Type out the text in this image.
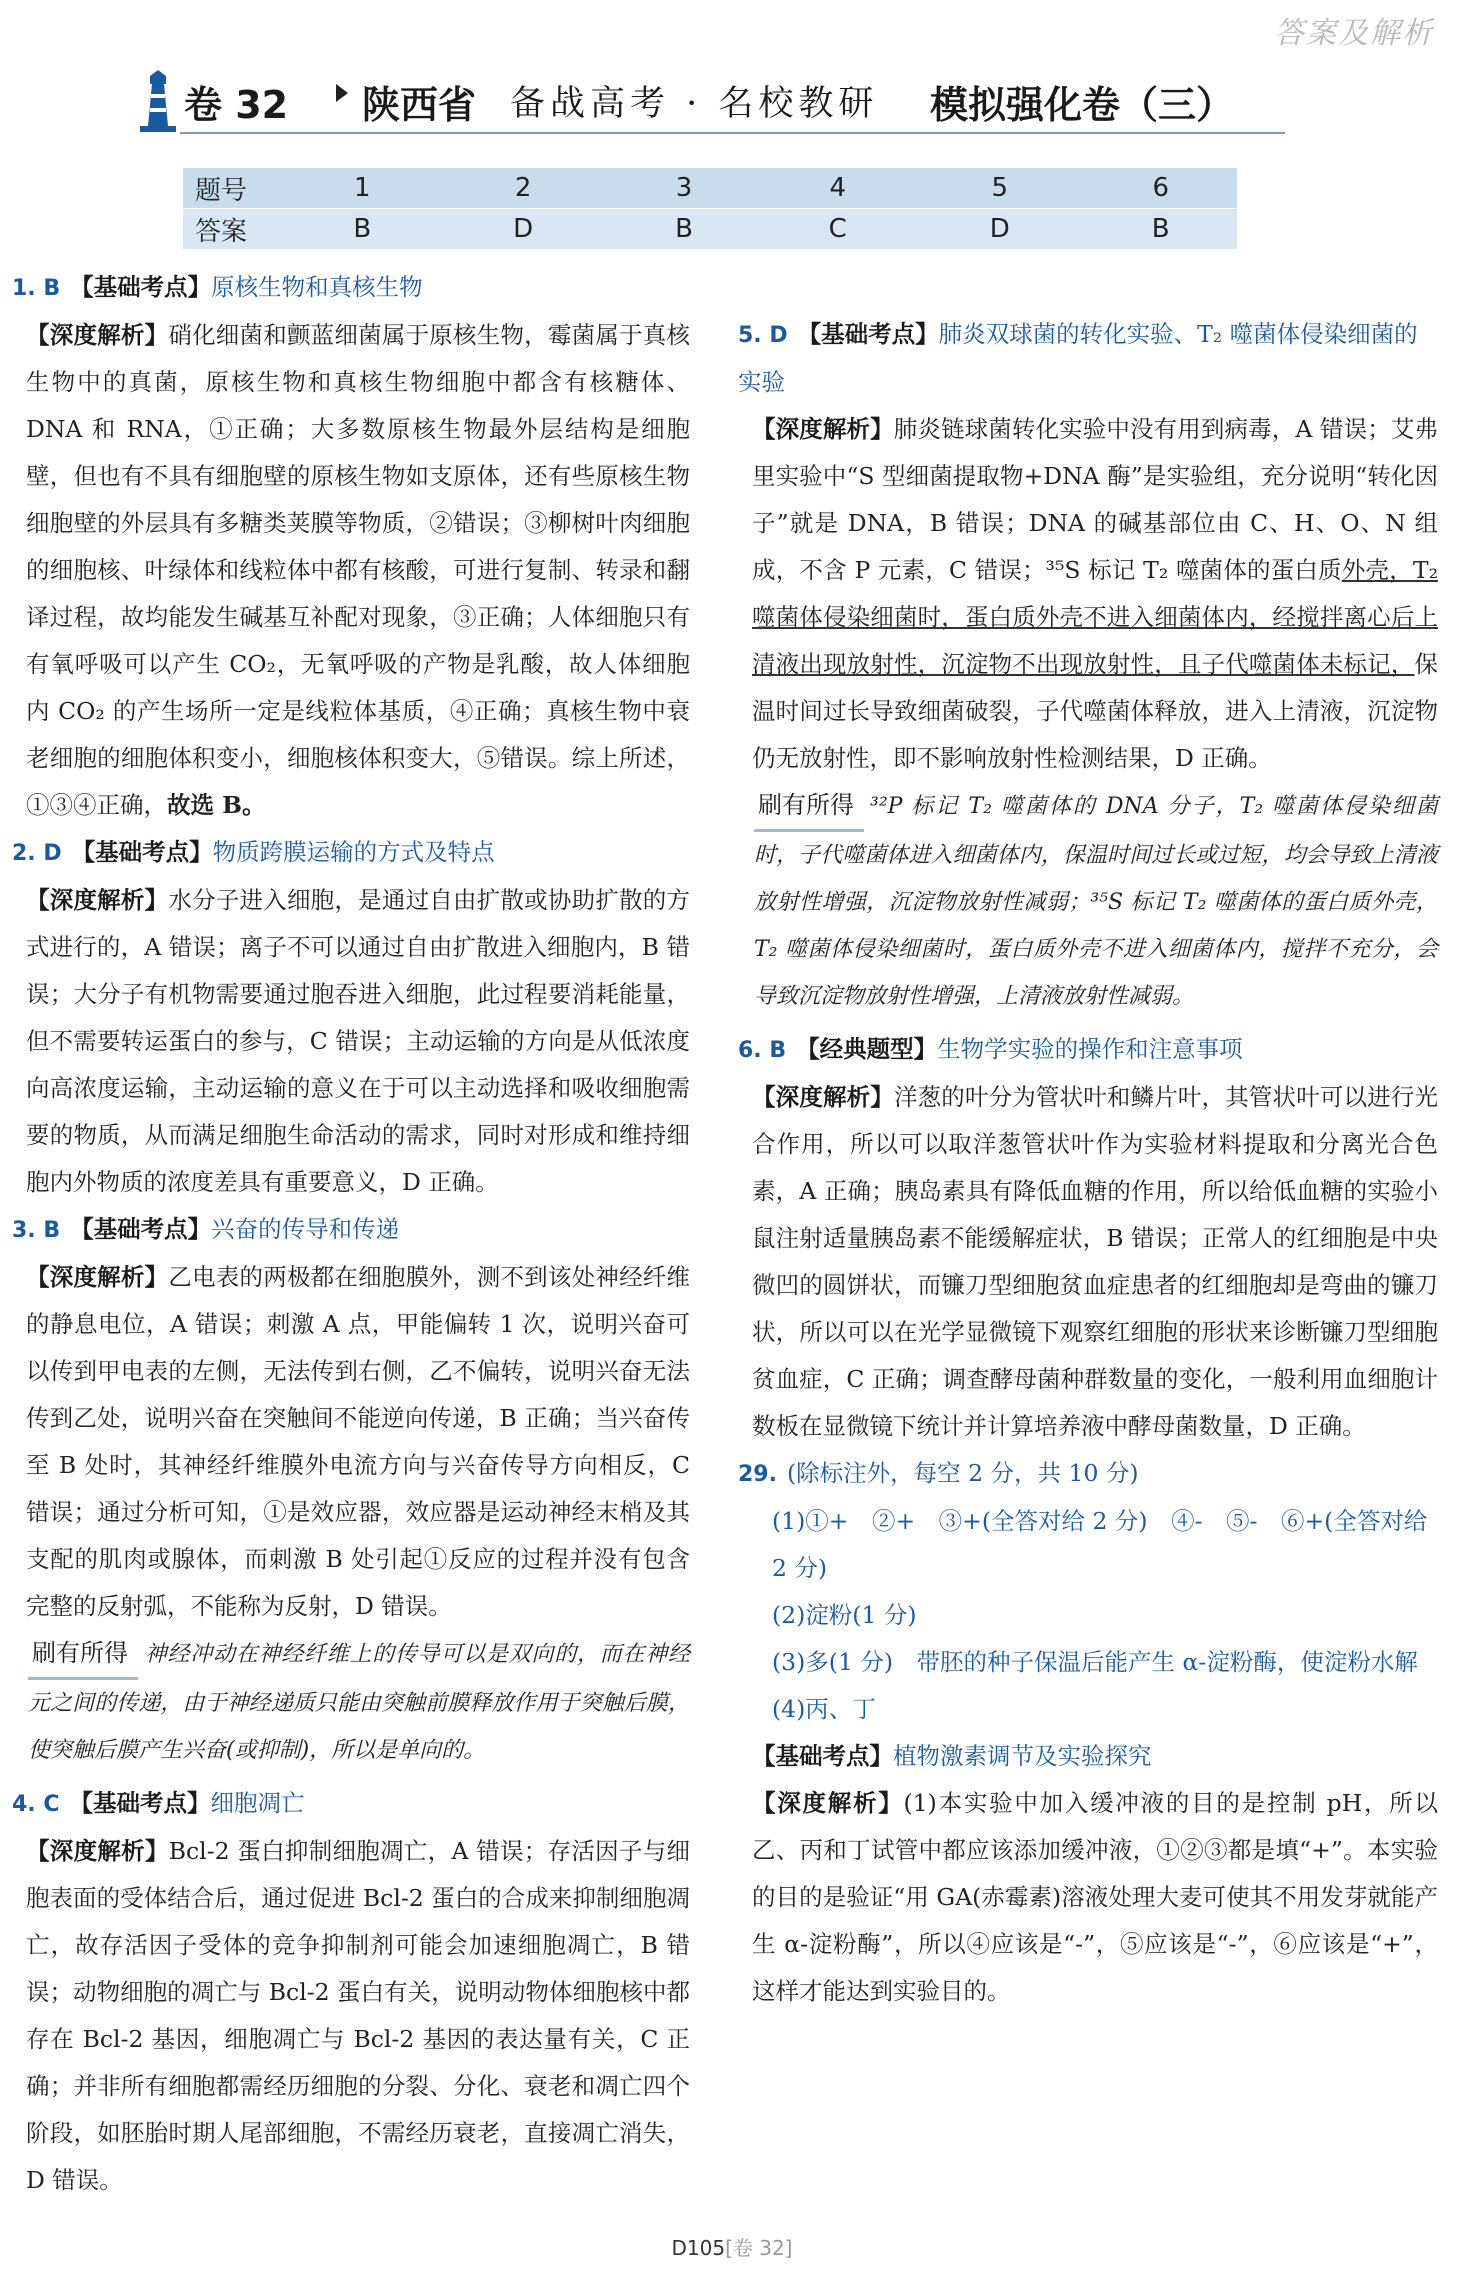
答案及解析
卷 32 陕西省 备战高考 · 名校教研 模拟强化卷（三）
题号	1	2	3	4	5	6
答案	B	D	B	C	D	B

1. B 【基础考点】原核生物和真核生物

【深度解析】硝化细菌和颤蓝细菌属于原核生物，霉菌属于真核生物中的真菌，原核生物和真核生物细胞中都含有核糖体、DNA 和 RNA，①正确；大多数原核生物最外层结构是细胞壁，但也有不具有细胞壁的原核生物如支原体，还有些原核生物细胞壁的外层具有多糖类荚膜等物质，②错误；③柳树叶肉细胞的细胞核、叶绿体和线粒体中都有核酸，可进行复制、转录和翻译过程，故均能发生碱基互补配对现象，③正确；人体细胞只有有氧呼吸可以产生 CO₂，无氧呼吸的产物是乳酸，故人体细胞内 CO₂ 的产生场所一定是线粒体基质，④正确；真核生物中衰老细胞的细胞体积变小，细胞核体积变大，⑤错误。综上所述，①③④正确，故选 B。

2. D 【基础考点】物质跨膜运输的方式及特点

【深度解析】水分子进入细胞，是通过自由扩散或协助扩散的方式进行的，A 错误；离子不可以通过自由扩散进入细胞内，B 错误；大分子有机物需要通过胞吞进入细胞，此过程要消耗能量，但不需要转运蛋白的参与，C 错误；主动运输的方向是从低浓度向高浓度运输，主动运输的意义在于可以主动选择和吸收细胞需要的物质，从而满足细胞生命活动的需求，同时对形成和维持细胞内外物质的浓度差具有重要意义，D 正确。

3. B 【基础考点】兴奋的传导和传递

【深度解析】乙电表的两极都在细胞膜外，测不到该处神经纤维的静息电位，A 错误；刺激 A 点，甲能偏转 1 次，说明兴奋可以传到甲电表的左侧，无法传到右侧，乙不偏转，说明兴奋无法传到乙处，说明兴奋在突触间不能逆向传递，B 正确；当兴奋传至 B 处时，其神经纤维膜外电流方向与兴奋传导方向相反，C 错误；通过分析可知，①是效应器，效应器是运动神经末梢及其支配的肌肉或腺体，而刺激 B 处引起①反应的过程并没有包含完整的反射弧，不能称为反射，D 错误。

刷有所得 神经冲动在神经纤维上的传导可以是双向的，而在神经元之间的传递，由于神经递质只能由突触前膜释放作用于突触后膜，使突触后膜产生兴奋(或抑制)，所以是单向的。

4. C 【基础考点】细胞凋亡

【深度解析】Bcl-2 蛋白抑制细胞凋亡，A 错误；存活因子与细胞表面的受体结合后，通过促进 Bcl-2 蛋白的合成来抑制细胞凋亡，故存活因子受体的竞争抑制剂可能会加速细胞凋亡，B 错误；动物细胞的凋亡与 Bcl-2 蛋白有关，说明动物体细胞核中都存在 Bcl-2 基因，细胞凋亡与 Bcl-2 基因的表达量有关，C 正确；并非所有细胞都需经历细胞的分裂、分化、衰老和凋亡四个阶段，如胚胎时期人尾部细胞，不需经历衰老，直接凋亡消失，D 错误。

5. D 【基础考点】肺炎双球菌的转化实验、T₂ 噬菌体侵染细菌的实验

【深度解析】肺炎链球菌转化实验中没有用到病毒，A 错误；艾弗里实验中“S 型细菌提取物+DNA 酶”是实验组，充分说明“转化因子”就是 DNA，B 错误；DNA 的碱基部位由 C、H、O、N 组成，不含 P 元素，C 错误；³⁵S 标记 T₂ 噬菌体的蛋白质外壳，T₂ 噬菌体侵染细菌时，蛋白质外壳不进入细菌体内，经搅拌离心后上清液出现放射性，沉淀物不出现放射性，且子代噬菌体未标记，保温时间过长导致细菌破裂，子代噬菌体释放，进入上清液，沉淀物仍无放射性，即不影响放射性检测结果，D 正确。

刷有所得 ³²P 标记 T₂ 噬菌体的 DNA 分子，T₂ 噬菌体侵染细菌时，子代噬菌体进入细菌体内，保温时间过长或过短，均会导致上清液放射性增强，沉淀物放射性减弱；³⁵S 标记 T₂ 噬菌体的蛋白质外壳，T₂ 噬菌体侵染细菌时，蛋白质外壳不进入细菌体内，搅拌不充分，会导致沉淀物放射性增强，上清液放射性减弱。

6. B 【经典题型】生物学实验的操作和注意事项

【深度解析】洋葱的叶分为管状叶和鳞片叶，其管状叶可以进行光合作用，所以可以取洋葱管状叶作为实验材料提取和分离光合色素，A 正确；胰岛素具有降低血糖的作用，所以给低血糖的实验小鼠注射适量胰岛素不能缓解症状，B 错误；正常人的红细胞是中央微凹的圆饼状，而镰刀型细胞贫血症患者的红细胞却是弯曲的镰刀状，所以可以在光学显微镜下观察红细胞的形状来诊断镰刀型细胞贫血症，C 正确；调查酵母菌种群数量的变化，一般利用血细胞计数板在显微镜下统计并计算培养液中酵母菌数量，D 正确。

29. (除标注外，每空 2 分，共 10 分)

(1)①+　②+　③+(全答对给 2 分)　④-　⑤-　⑥+(全答对给 2 分)

(2)淀粉(1 分)

(3)多(1 分)　带胚的种子保温后能产生 α-淀粉酶，使淀粉水解

(4)丙、丁

【基础考点】植物激素调节及实验探究

【深度解析】(1)本实验中加入缓冲液的目的是控制 pH，所以乙、丙和丁试管中都应该添加缓冲液，①②③都是填“+”。本实验的目的是验证“用 GA(赤霉素)溶液处理大麦可使其不用发芽就能产生 α-淀粉酶”，所以④应该是“-”，⑤应该是“-”，⑥应该是“+”，这样才能达到实验目的。

D105[卷 32]
